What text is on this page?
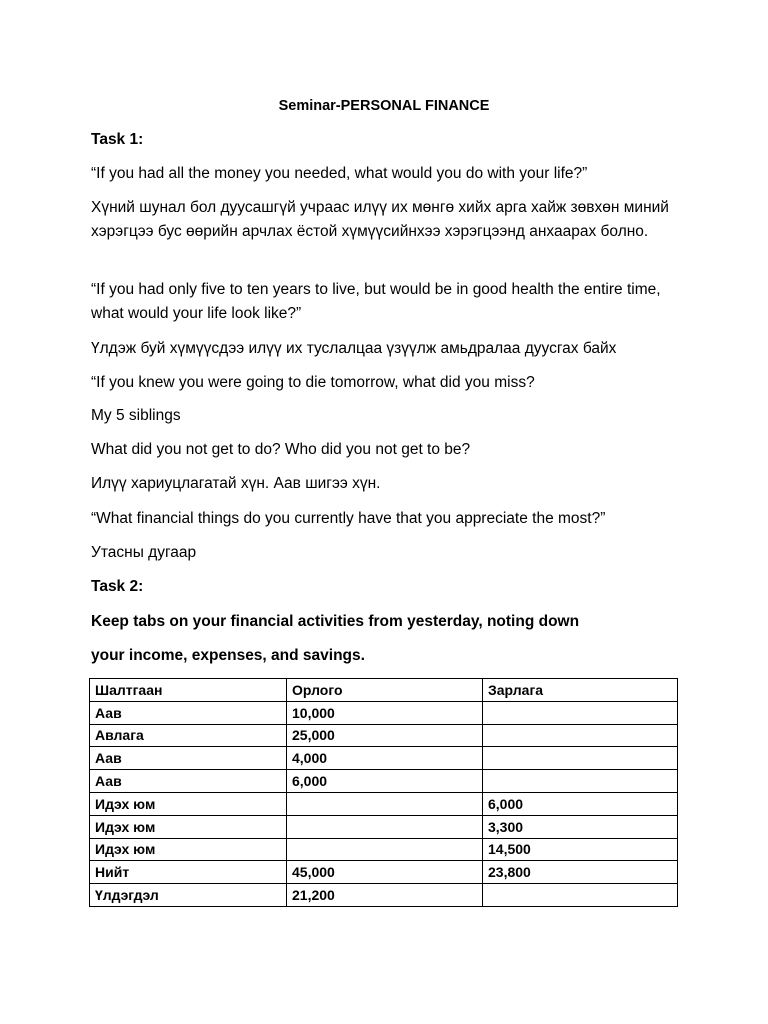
Seminar-PERSONAL FINANCE
Task 1:
“If you had all the money you needed, what would you do with your life?”
Хүний шунал бол дуусашгүй учраас илүү их мөнгө хийх арга хайж зөвхөн миний хэрэгцээ бус өөрийн арчлах ёстой хүмүүсийнхээ хэрэгцээнд анхаарах болно.
“If you had only five to ten years to live, but would be in good health the entire time, what would your life look like?”
Үлдэж буй хүмүүсдээ илүү их туслалцаа үзүүлж амьдралаа дуусгах байх
“If you knew you were going to die tomorrow, what did you miss?
My 5 siblings
What did you not get to do? Who did you not get to be?
Илүү хариуцлагатай хүн. Аав шигээ хүн.
“What financial things do you currently have that you appreciate the most?”
Утасны дугаар
Task 2:
Keep tabs on your financial activities from yesterday, noting down
your income, expenses, and savings.
Шалтгаан	Орлого	Зарлага
Аав	10,000	
Авлага	25,000	
Аав	4,000	
Аав	6,000	
Идэх юм		6,000
Идэх юм		3,300
Идэх юм		14,500
Нийт	45,000	23,800
Үлдэгдэл	21,200	
